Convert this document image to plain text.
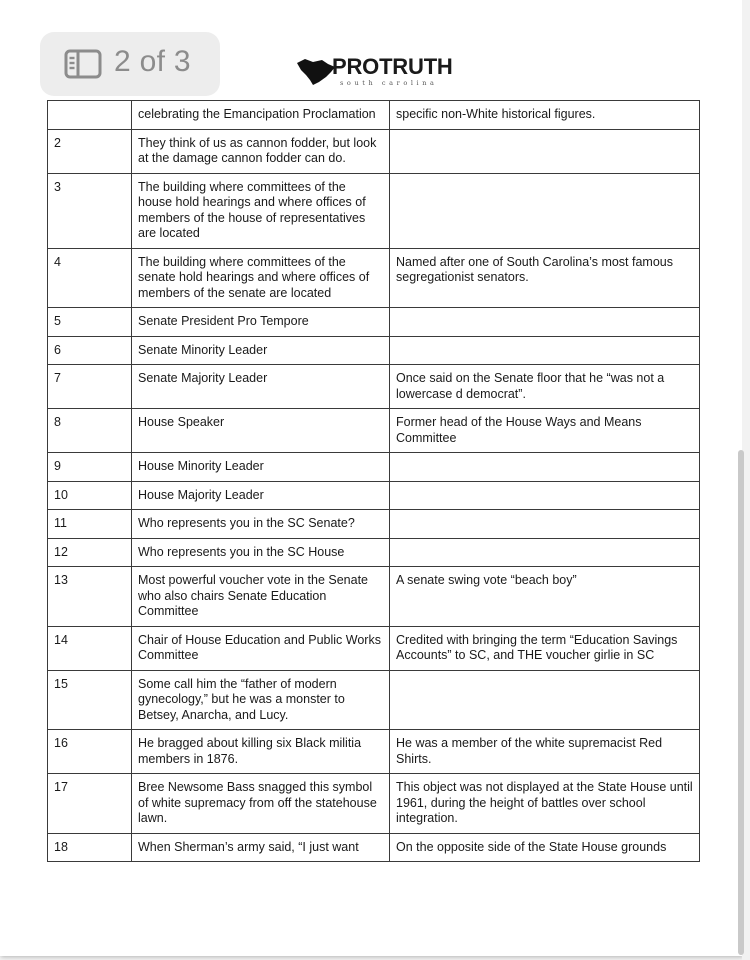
2 of 3	PROTRUTH
south carolina
	celebrating the Emancipation Proclamation	specific non-White historical figures.
2	They think of us as cannon fodder, but look at the damage cannon fodder can do.	
3	The building where committees of the house hold hearings and where offices of members of the house of representatives are located	
4	The building where committees of the senate hold hearings and where offices of members of the senate are located	Named after one of South Carolina’s most famous segregationist senators.
5	Senate President Pro Tempore	
6	Senate Minority Leader	
7	Senate Majority Leader	Once said on the Senate floor that he “was not a lowercase d democrat”.
8	House Speaker	Former head of the House Ways and Means Committee
9	House Minority Leader	
10	House Majority Leader	
11	Who represents you in the SC Senate?	
12	Who represents you in the SC House	
13	Most powerful voucher vote in the Senate who also chairs Senate Education Committee	A senate swing vote “beach boy”
14	Chair of House Education and Public Works Committee	Credited with bringing the term “Education Savings Accounts” to SC, and THE voucher girlie in SC
15	Some call him the “father of modern gynecology,” but he was a monster to Betsey, Anarcha, and Lucy.	
16	He bragged about killing six Black militia members in 1876.	He was a member of the white supremacist Red Shirts.
17	Bree Newsome Bass snagged this symbol of white supremacy from off the statehouse lawn.	This object was not displayed at the State House until 1961, during the height of battles over school integration.
18	When Sherman’s army said, “I just want	On the opposite side of the State House grounds
